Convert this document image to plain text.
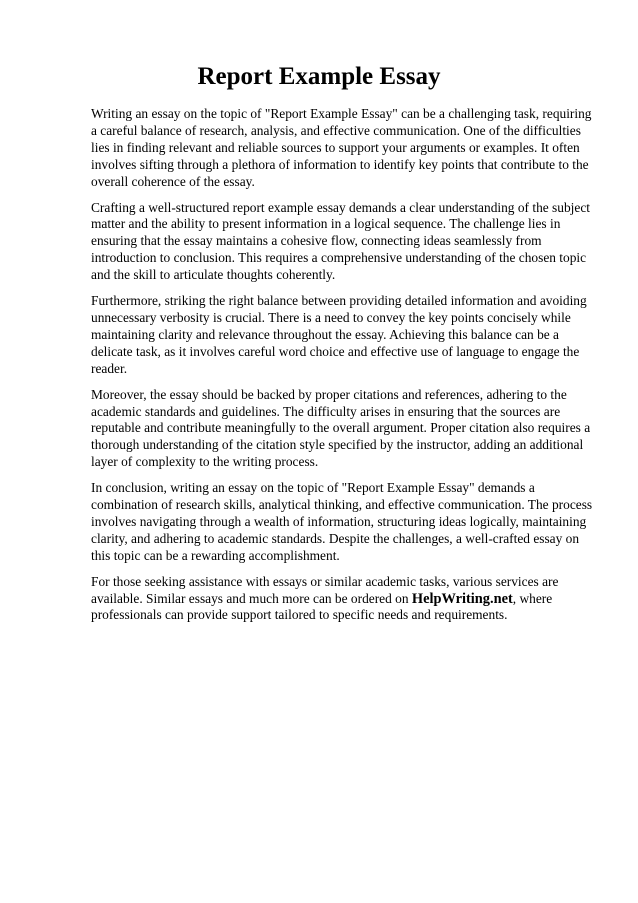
Report Example Essay

Writing an essay on the topic of "Report Example Essay" can be a challenging task, requiring a careful balance of research, analysis, and effective communication. One of the difficulties lies in finding relevant and reliable sources to support your arguments or examples. It often involves sifting through a plethora of information to identify key points that contribute to the overall coherence of the essay.

Crafting a well-structured report example essay demands a clear understanding of the subject matter and the ability to present information in a logical sequence. The challenge lies in ensuring that the essay maintains a cohesive flow, connecting ideas seamlessly from introduction to conclusion. This requires a comprehensive understanding of the chosen topic and the skill to articulate thoughts coherently.

Furthermore, striking the right balance between providing detailed information and avoiding unnecessary verbosity is crucial. There is a need to convey the key points concisely while maintaining clarity and relevance throughout the essay. Achieving this balance can be a delicate task, as it involves careful word choice and effective use of language to engage the reader.

Moreover, the essay should be backed by proper citations and references, adhering to the academic standards and guidelines. The difficulty arises in ensuring that the sources are reputable and contribute meaningfully to the overall argument. Proper citation also requires a thorough understanding of the citation style specified by the instructor, adding an additional layer of complexity to the writing process.

In conclusion, writing an essay on the topic of "Report Example Essay" demands a combination of research skills, analytical thinking, and effective communication. The process involves navigating through a wealth of information, structuring ideas logically, maintaining clarity, and adhering to academic standards. Despite the challenges, a well-crafted essay on this topic can be a rewarding accomplishment.

For those seeking assistance with essays or similar academic tasks, various services are available. Similar essays and much more can be ordered on HelpWriting.net, where professionals can provide support tailored to specific needs and requirements.
